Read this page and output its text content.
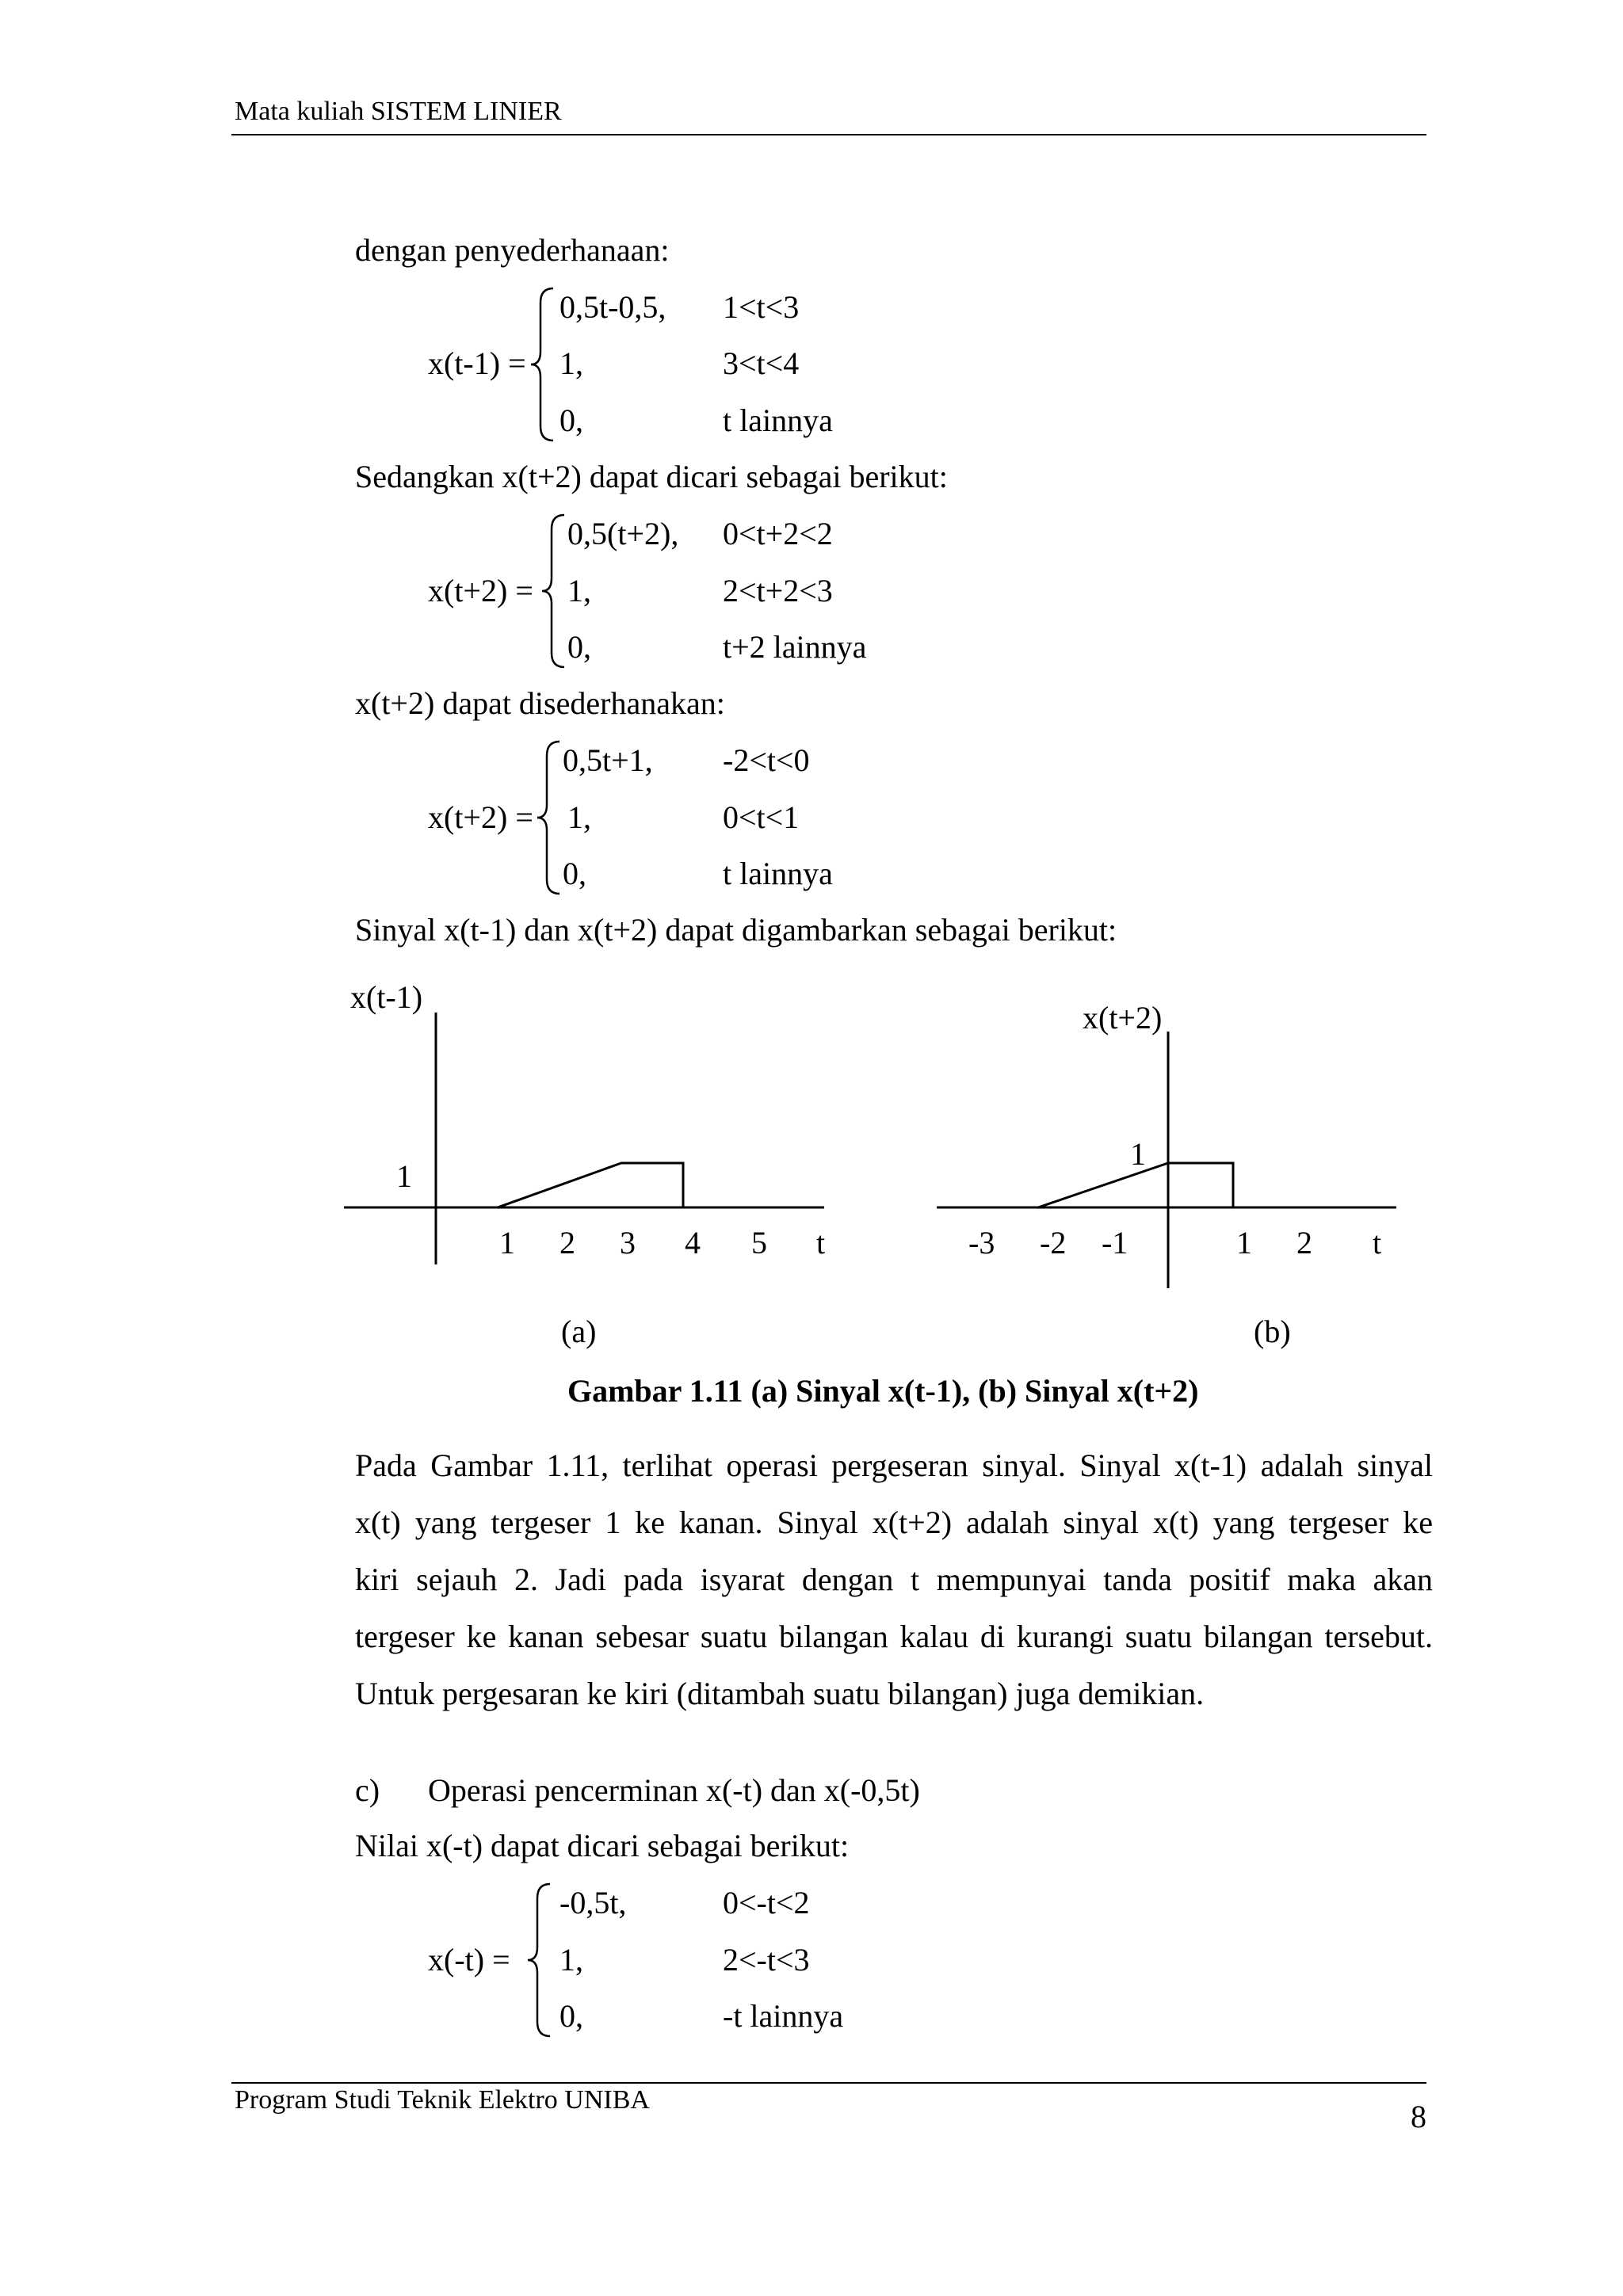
Mata kuliah SISTEM LINIER
dengan penyederhanaan:
x(t-1) =
0,5t-0,5, 1<t<3
1,	3<t<4
0,	t lainnya
Sedangkan x(t+2) dapat dicari sebagai berikut:
x(t+2) =
0,5(t+2), 0<t+2<2
1,	2<t+2<3
0,	t+2 lainnya
x(t+2) dapat disederhanakan:
x(t+2) =
0,5t+1, -2<t<0
1,	0<t<1
0,	t lainnya
Sinyal x(t-1) dan x(t+2) dapat digambarkan sebagai berikut:
x(t-1)
1
t
1 2 3 4 5
(a)
x(t+2)
1
t
-3 -2 -1	1 2
(b)
Gambar 1.11 (a) Sinyal x(t-1), (b) Sinyal x(t+2)
Pada Gambar 1.11, terlihat operasi pergeseran sinyal. Sinyal x(t-1) adalah sinyal
x(t) yang tergeser 1 ke kanan. Sinyal x(t+2) adalah sinyal x(t) yang tergeser ke
kiri sejauh 2. Jadi pada isyarat dengan t mempunyai tanda positif maka akan
tergeser ke kanan sebesar suatu bilangan kalau di kurangi suatu bilangan tersebut.
Untuk pergesaran ke kiri (ditambah suatu bilangan) juga demikian.
c) Operasi pencerminan x(-t) dan x(-0,5t)
Nilai x(-t) dapat dicari sebagai berikut:
x(-t) =
-0,5t,	0<-t<2
1,	2<-t<3
0,	-t lainnya
Program Studi Teknik Elektro UNIBA	8
